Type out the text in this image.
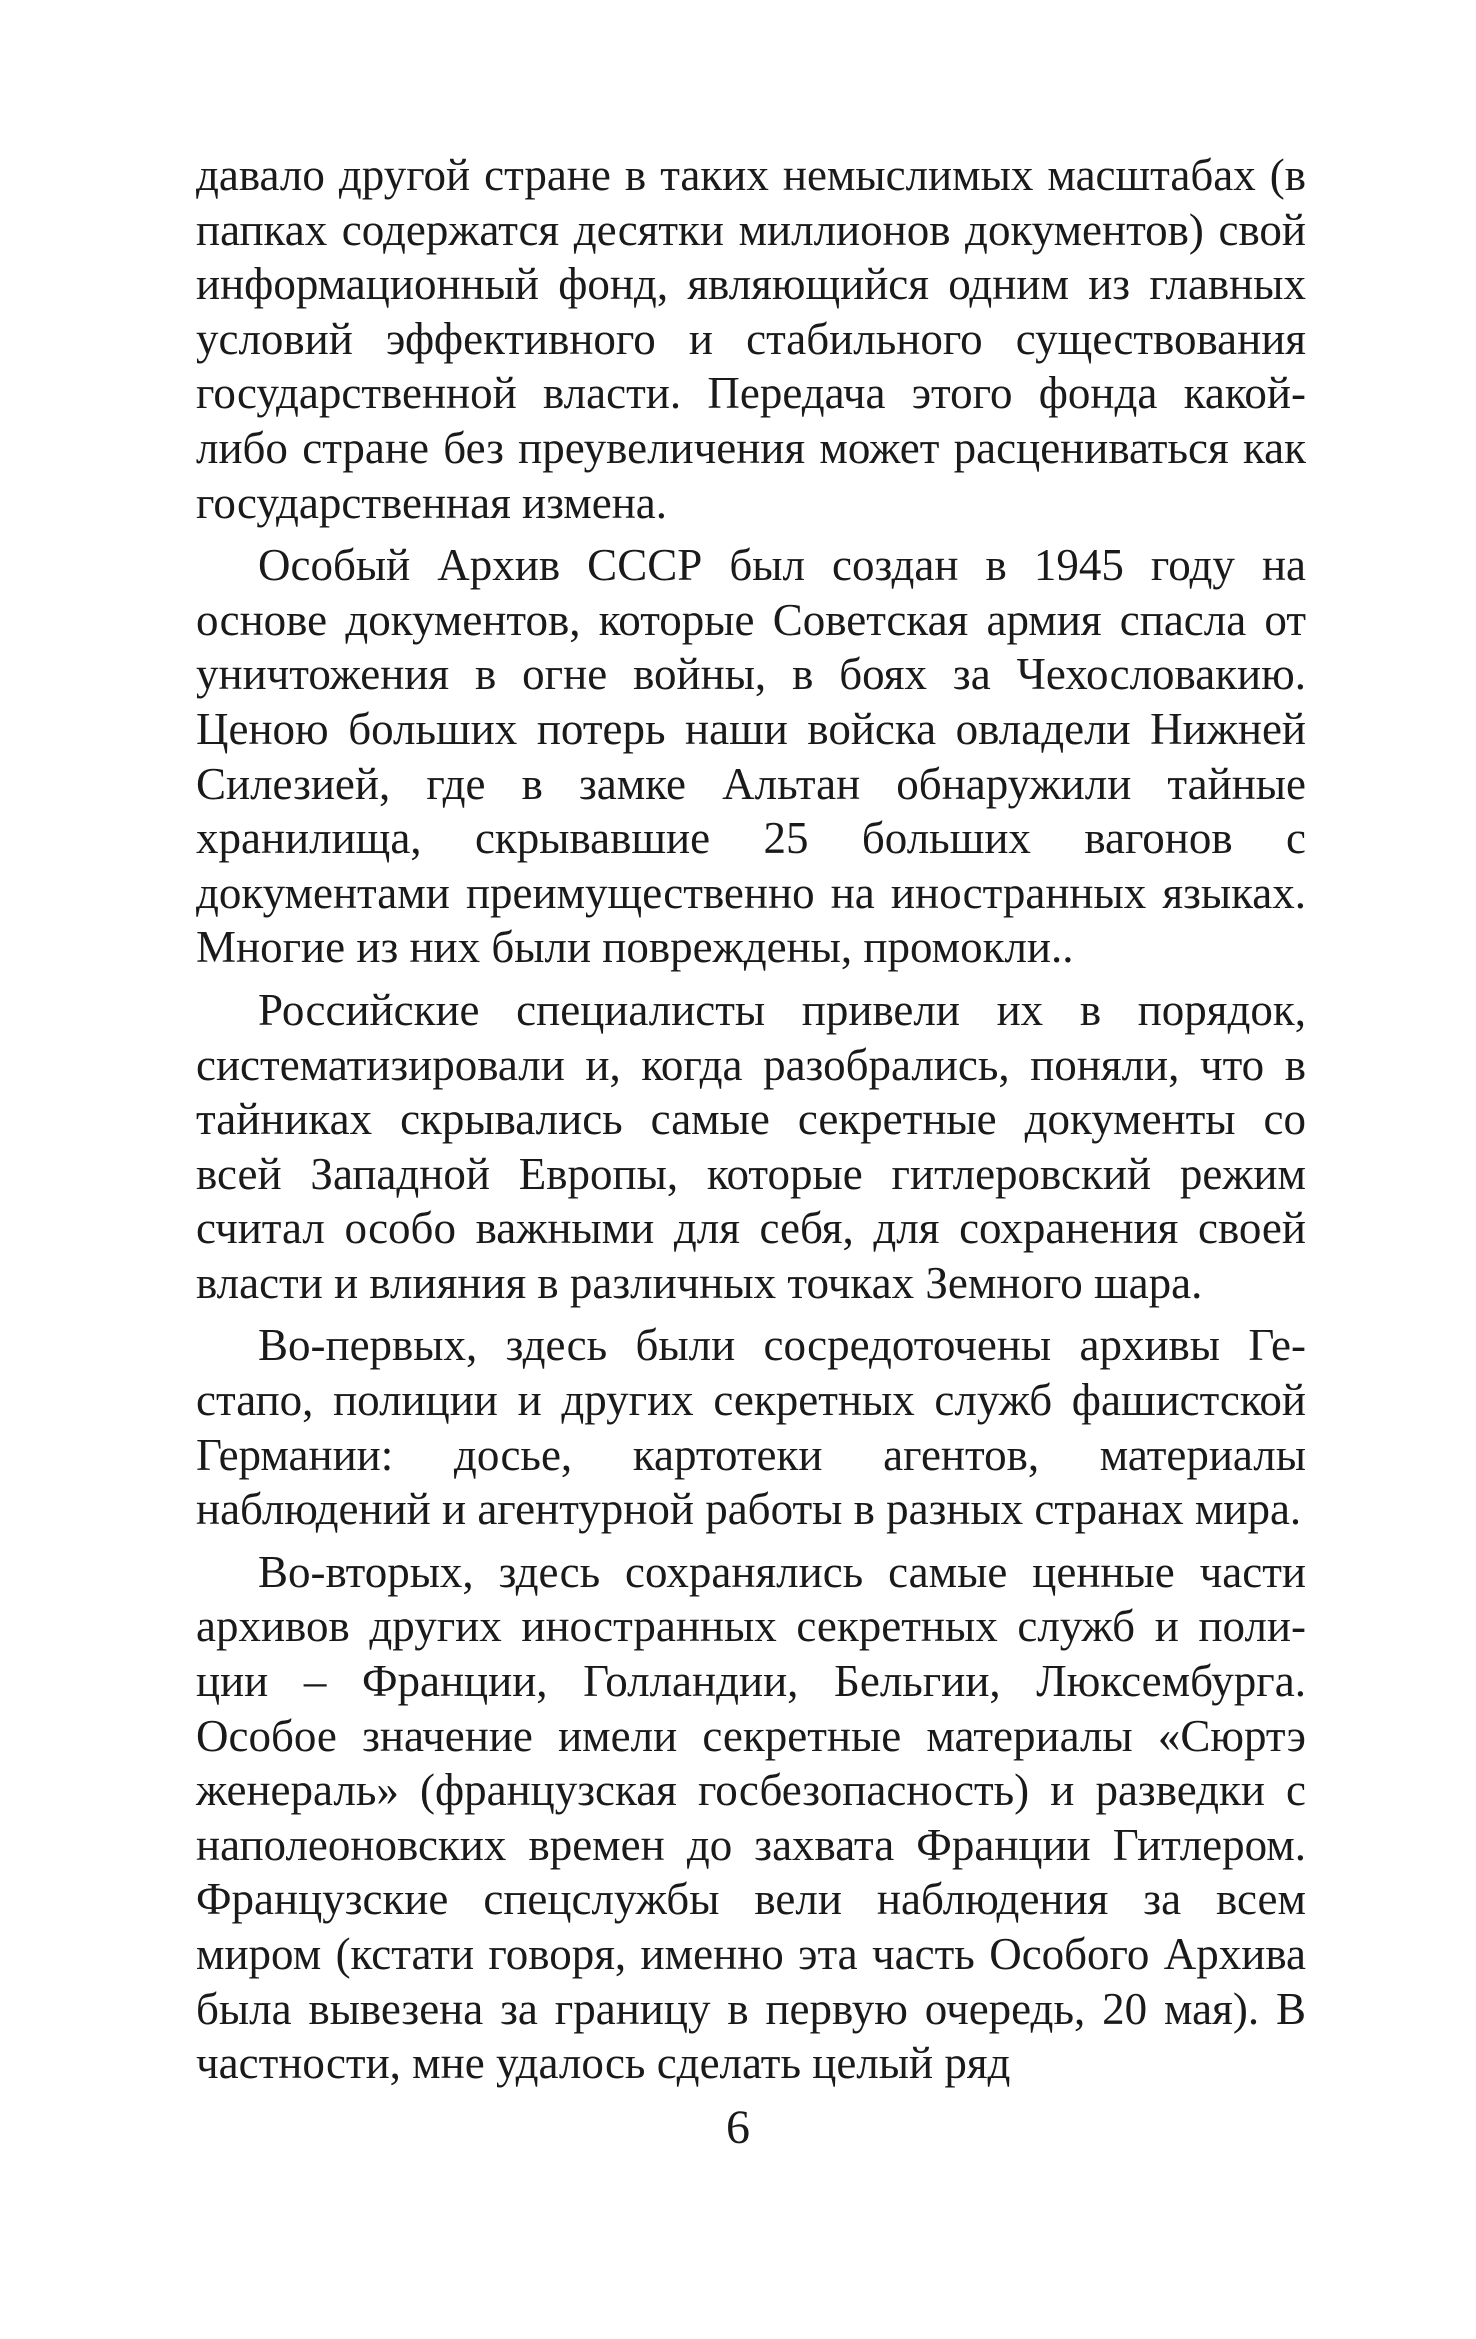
давало другой стране в таких немыслимых масштабах (в папках содержатся десятки миллионов документов) свой информационный фонд, являющийся одним из главных условий эффективного и стабильного существования государственной власти. Передача этого фонда какой-либо стране без преувеличения может расцениваться как государственная измена.

Особый Архив СССР был создан в 1945 году на основе документов, которые Советская армия спасла от уничтожения в огне войны, в боях за Чехословакию. Ценою больших потерь наши войска овладели Нижней Силезией, где в замке Альтан обнаружили тайные хранилища, скрывавшие 25 больших вагонов с документами преимущественно на иностранных языках. Многие из них были повреждены, промокли..

Российские специалисты привели их в порядок, систематизировали и, когда разобрались, поняли, что в тайниках скрывались самые секретные документы со всей Западной Европы, которые гитлеровский режим считал особо важными для себя, для сохранения своей власти и влияния в различных точках Земного шара.

Во-первых, здесь были сосредоточены архивы Гестапо, полиции и других секретных служб фашистской Германии: досье, картотеки агентов, материалы наблюдений и агентурной работы в разных странах мира.

Во-вторых, здесь сохранялись самые ценные части архивов других иностранных секретных служб и полиции – Франции, Голландии, Бельгии, Люксембурга. Особое значение имели секретные материалы «Сюртэ женераль» (французская госбезопасность) и разведки с наполеоновских времен до захвата Франции Гитлером. Французские спецслужбы вели наблюдения за всем миром (кстати говоря, именно эта часть Особого Архива была вывезена за границу в первую очередь, 20 мая). В частности, мне удалось сделать целый ряд

6
